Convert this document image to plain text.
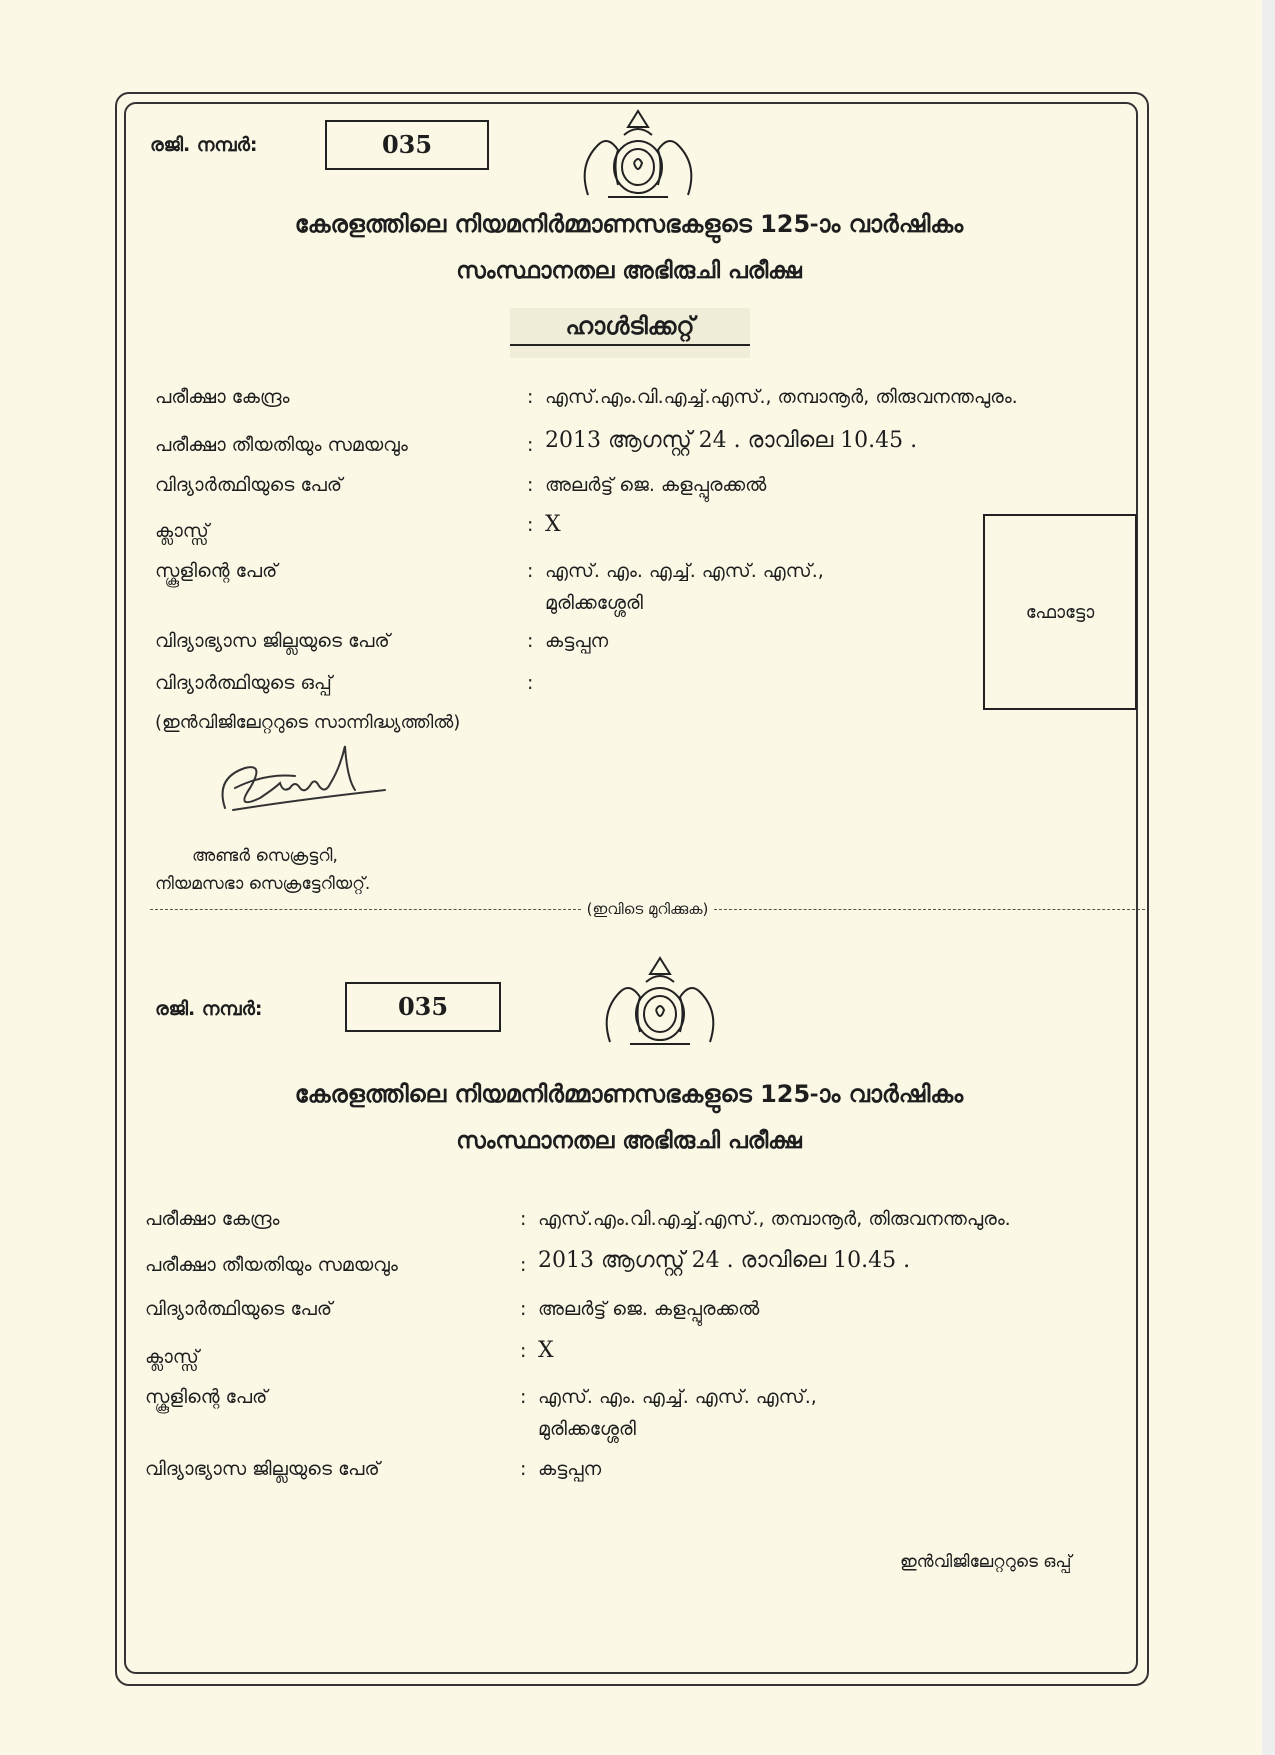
രജി. നമ്പർ:	035
കേരളത്തിലെ നിയമനിർമ്മാണസഭകളുടെ 125-ാം വാർഷികം
സംസ്ഥാനതല അഭിരുചി പരീക്ഷ
ഹാൾടിക്കറ്റ്
പരീക്ഷാ കേന്ദ്രം	: എസ്.എം.വി.എച്ച്.എസ്., തമ്പാനൂർ, തിരുവനന്തപുരം.
പരീക്ഷാ തീയതിയും സമയവും	: 2013 ആഗസ്റ്റ് 24 . രാവിലെ 10.45 .
വിദ്യാർത്ഥിയുടെ പേര്	: അലർട്ട് ജെ. കളപ്പുരക്കൽ
ക്ലാസ്സ്	: X
സ്കൂളിന്റെ പേര്	: എസ്. എം. എച്ച്. എസ്. എസ്.,
മുരിക്കശ്ശേരി
വിദ്യാഭ്യാസ ജില്ലയുടെ പേര്	: കട്ടപ്പന
വിദ്യാർത്ഥിയുടെ ഒപ്പ്	:
(ഇൻവിജിലേറ്ററുടെ സാന്നിദ്ധ്യത്തിൽ)
ഫോട്ടോ
അണ്ടർ സെക്രട്ടറി,
നിയമസഭാ സെക്രട്ടേറിയറ്റ്.
(ഇവിടെ മുറിക്കുക)
രജി. നമ്പർ:	035
കേരളത്തിലെ നിയമനിർമ്മാണസഭകളുടെ 125-ാം വാർഷികം
സംസ്ഥാനതല അഭിരുചി പരീക്ഷ
പരീക്ഷാ കേന്ദ്രം	: എസ്.എം.വി.എച്ച്.എസ്., തമ്പാനൂർ, തിരുവനന്തപുരം.
പരീക്ഷാ തീയതിയും സമയവും	: 2013 ആഗസ്റ്റ് 24 . രാവിലെ 10.45 .
വിദ്യാർത്ഥിയുടെ പേര്	: അലർട്ട് ജെ. കളപ്പുരക്കൽ
ക്ലാസ്സ്	: X
സ്കൂളിന്റെ പേര്	: എസ്. എം. എച്ച്. എസ്. എസ്.,
മുരിക്കശ്ശേരി
വിദ്യാഭ്യാസ ജില്ലയുടെ പേര്	: കട്ടപ്പന
ഇൻവിജിലേറ്ററുടെ ഒപ്പ്
